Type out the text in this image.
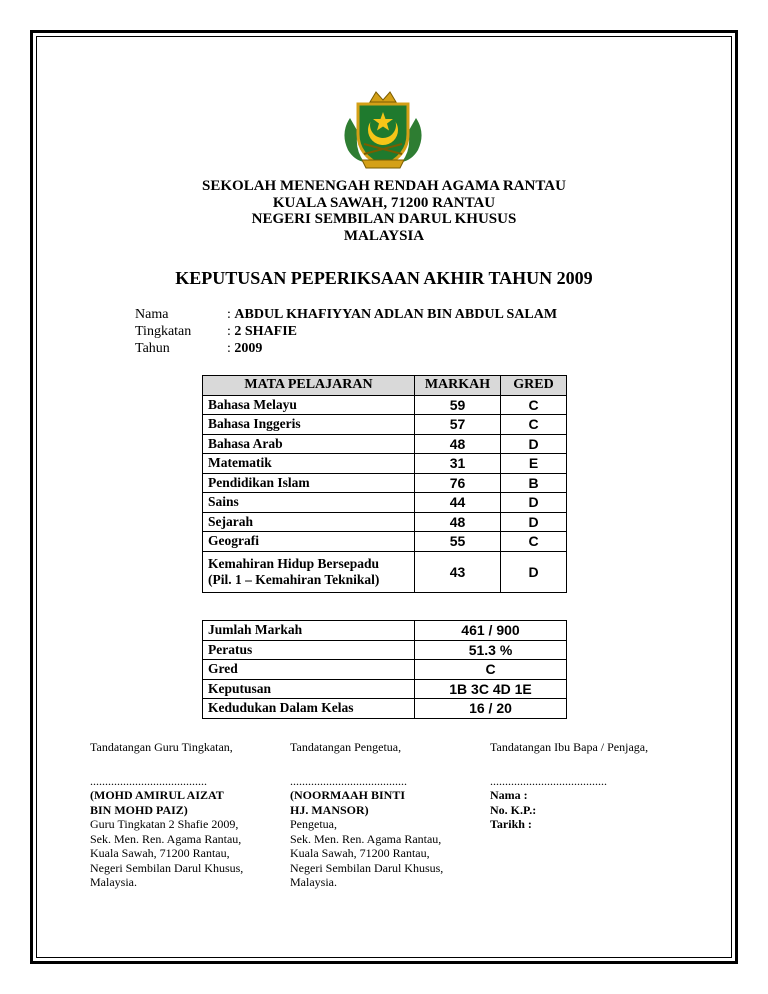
SEKOLAH MENENGAH RENDAH AGAMA RANTAU
KUALA SAWAH, 71200 RANTAU
NEGERI SEMBILAN DARUL KHUSUS
MALAYSIA
KEPUTUSAN PEPERIKSAAN AKHIR TAHUN 2009
Nama	: ABDUL KHAFIYYAN ADLAN BIN ABDUL SALAM
Tingkatan	: 2 SHAFIE
Tahun	: 2009
MATA PELAJARAN	MARKAH	GRED
Bahasa Melayu	59	C
Bahasa Inggeris	57	C
Bahasa Arab	48	D
Matematik	31	E
Pendidikan Islam	76	B
Sains	44	D
Sejarah	48	D
Geografi	55	C

Kemahiran Hidup Bersepadu
(Pil. 1 – Kemahiran Teknikal)	43	D
Jumlah Markah	461 / 900
Peratus	51.3 %
Gred	C
Keputusan	1B 3C 4D 1E
Kedudukan Dalam Kelas	16 / 20
Tandatangan Guru Tingkatan,
.......................................
(MOHD AMIRUL AIZAT
BIN MOHD PAIZ)
Guru Tingkatan 2 Shafie 2009,
Sek. Men. Ren. Agama Rantau,
Kuala Sawah, 71200 Rantau,
Negeri Sembilan Darul Khusus,
Malaysia.
Tandatangan Pengetua,
.......................................
(NOORMAAH BINTI
HJ. MANSOR)
Pengetua,
Sek. Men. Ren. Agama Rantau,
Kuala Sawah, 71200 Rantau,
Negeri Sembilan Darul Khusus,
Malaysia.
Tandatangan Ibu Bapa / Penjaga,
.......................................
Nama :
No. K.P.:
Tarikh :
